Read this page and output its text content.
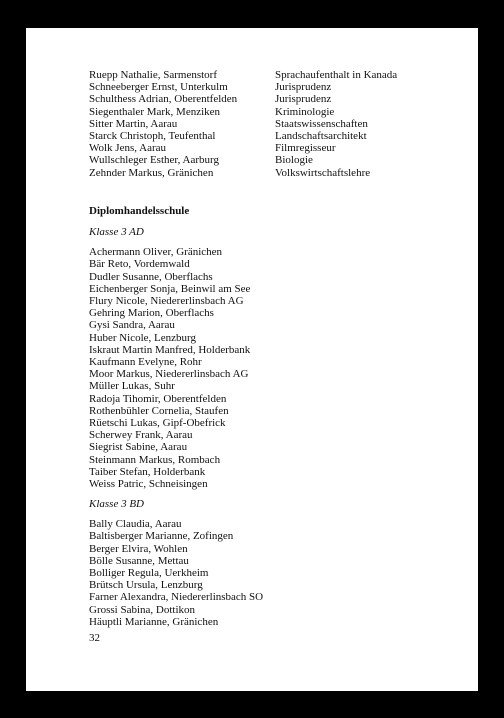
Ruepp Nathalie, Sarmenstorf
Schneeberger Ernst, Unterkulm
Schulthess Adrian, Oberentfelden
Siegenthaler Mark, Menziken
Sitter Martin, Aarau
Starck Christoph, Teufenthal
Wolk Jens, Aarau
Wullschleger Esther, Aarburg
Zehnder Markus, Gränichen
Sprachaufenthalt in Kanada
Jurisprudenz
Jurisprudenz
Kriminologie
Staatswissenschaften
Landschaftsarchitekt
Filmregisseur
Biologie
Volkswirtschaftslehre
Diplomhandelsschule
Klasse 3 AD
Achermann Oliver, Gränichen
Bär Reto, Vordemwald
Dudler Susanne, Oberflachs
Eichenberger Sonja, Beinwil am See
Flury Nicole, Niedererlinsbach AG
Gehring Marion, Oberflachs
Gysi Sandra, Aarau
Huber Nicole, Lenzburg
Iskraut Martin Manfred, Holderbank
Kaufmann Evelyne, Rohr
Moor Markus, Niedererlinsbach AG
Müller Lukas, Suhr
Radoja Tihomir, Oberentfelden
Rothenbühler Cornelia, Staufen
Rüetschi Lukas, Gipf-Obefrick
Scherwey Frank, Aarau
Siegrist Sabine, Aarau
Steinmann Markus, Rombach
Taiber Stefan, Holderbank
Weiss Patric, Schneisingen
Klasse 3 BD
Bally Claudia, Aarau
Baltisberger Marianne, Zofingen
Berger Elvira, Wohlen
Bölle Susanne, Mettau
Bolliger Regula, Uerkheim
Brütsch Ursula, Lenzburg
Farner Alexandra, Niedererlinsbach SO
Grossi Sabina, Dottikon
Häuptli Marianne, Gränichen
32
